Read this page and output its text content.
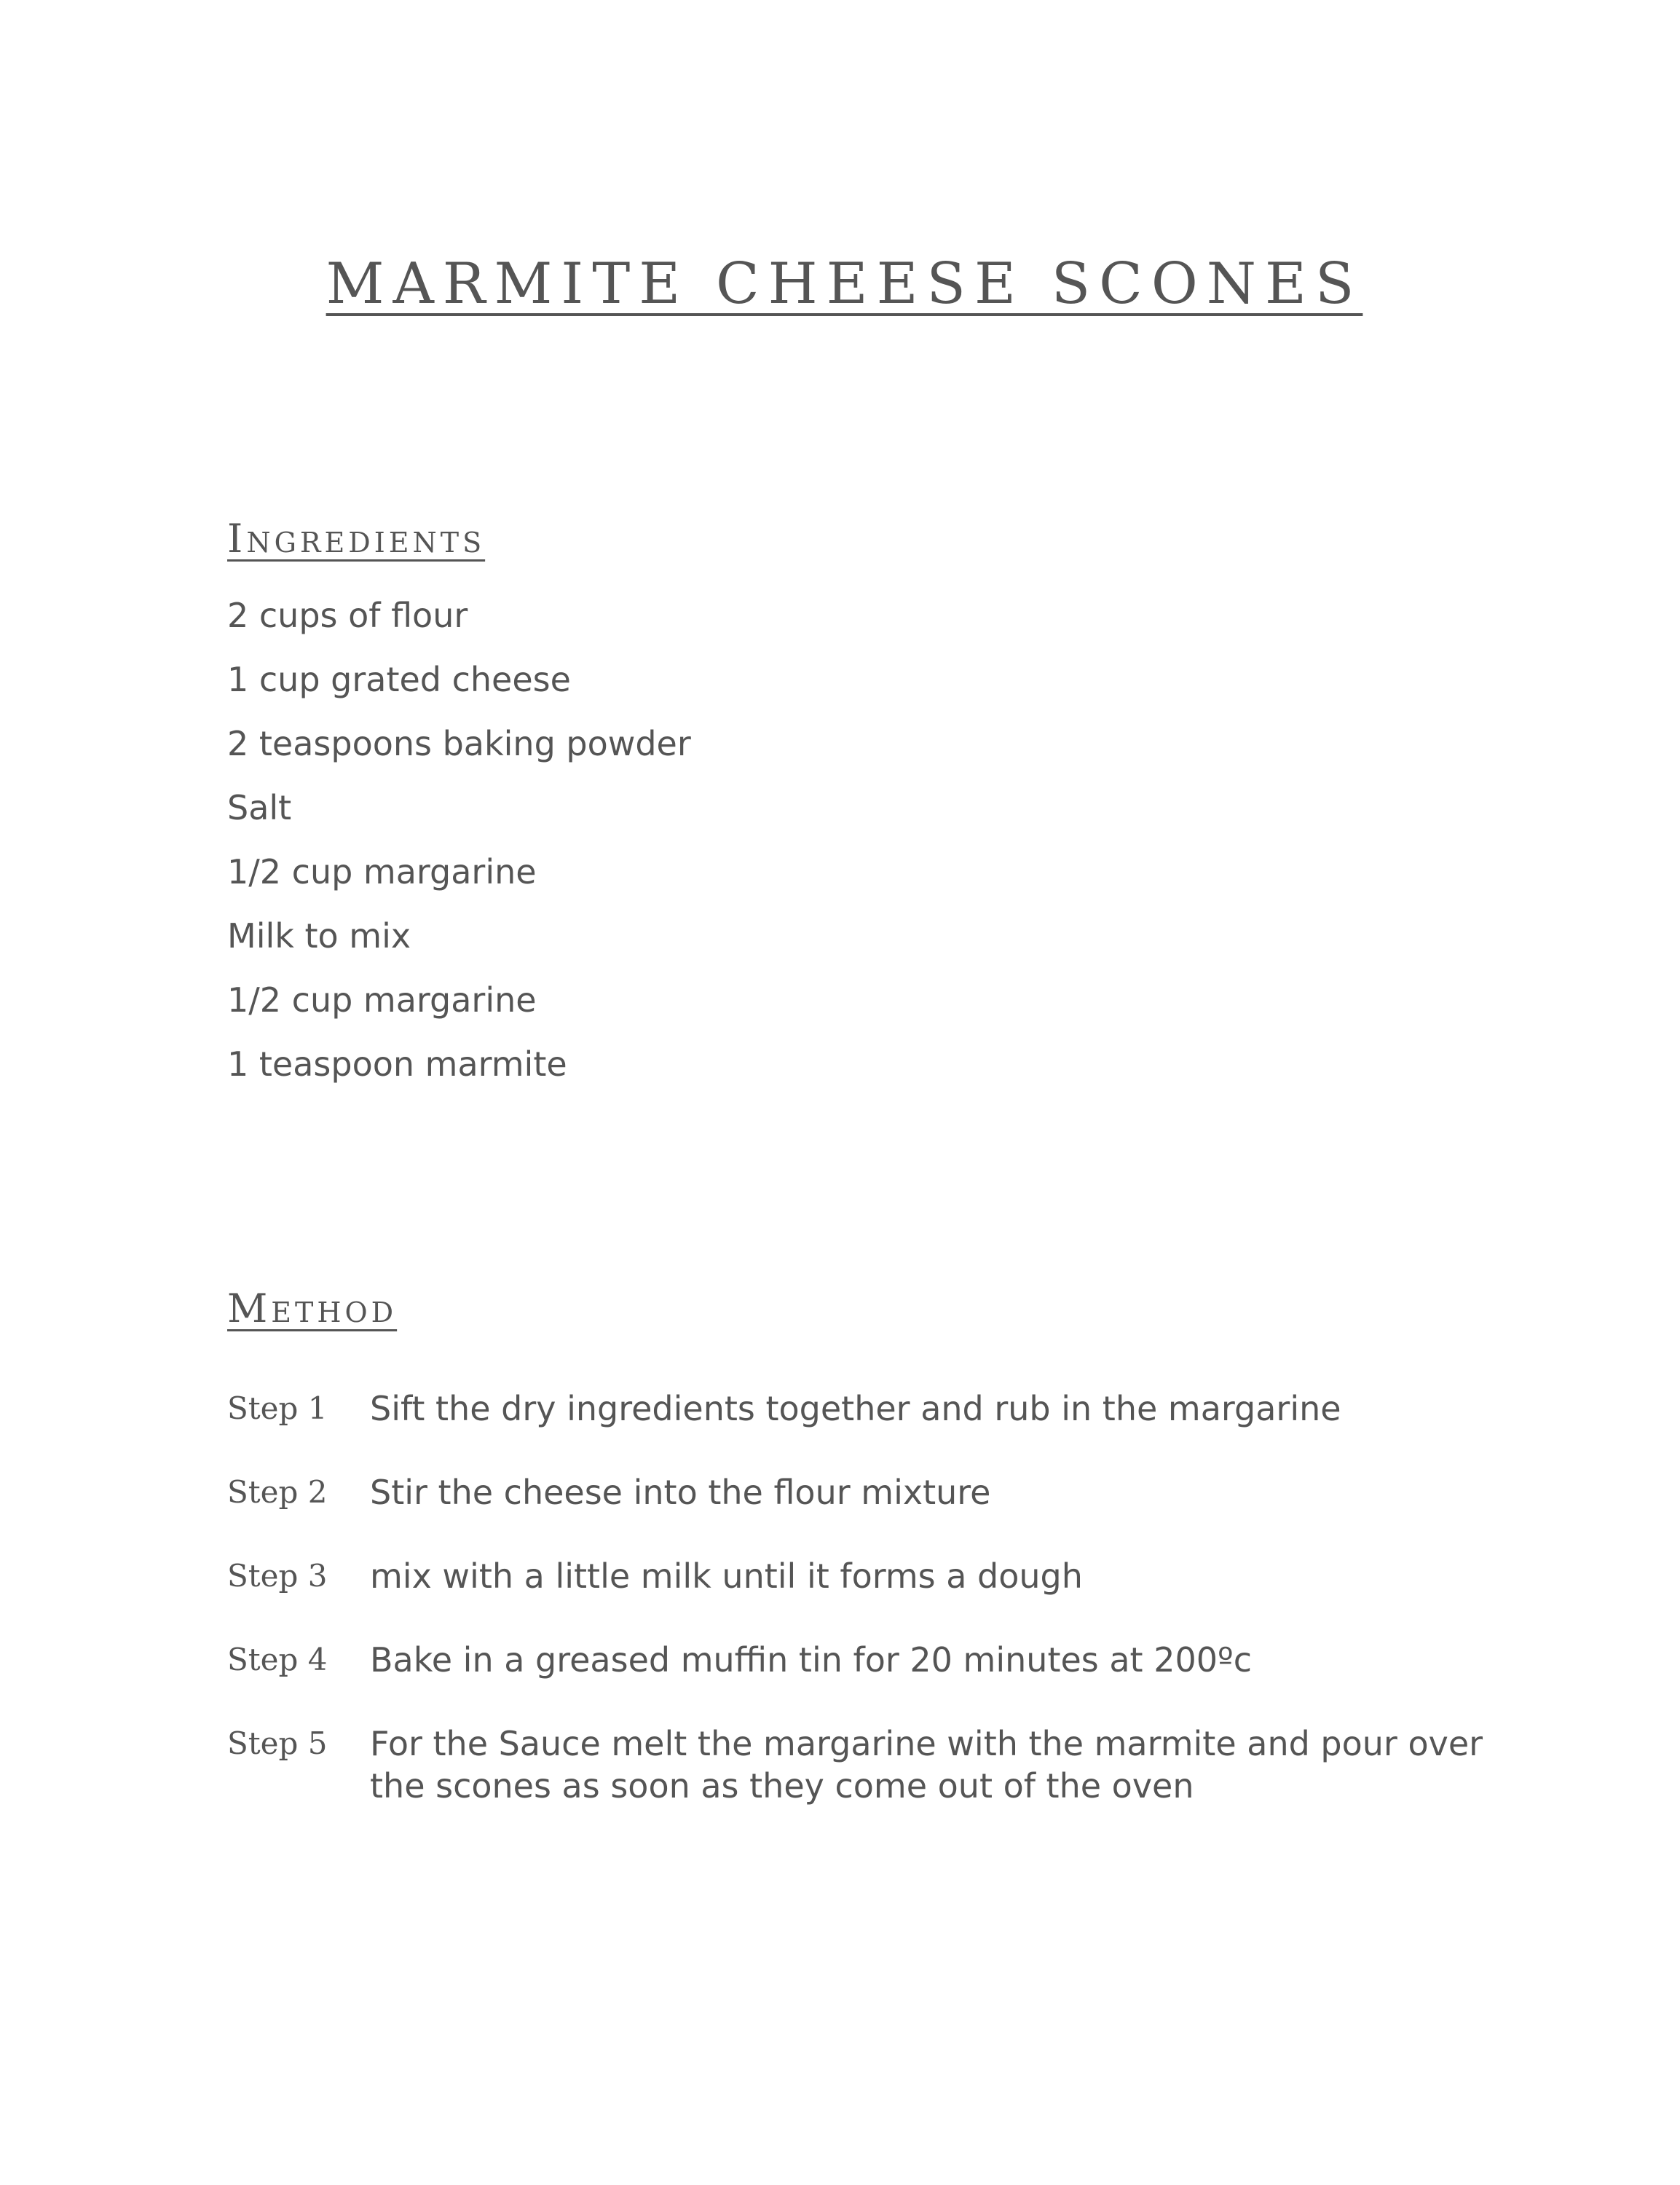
MARMITE CHEESE SCONES
Ingredients
2 cups of flour
1 cup grated cheese
2 teaspoons baking powder
Salt
1/2 cup margarine
Milk to mix
1/2 cup margarine
1 teaspoon marmite
Method
Step 1	Sift the dry ingredients together and rub in the margarine
Step 2	Stir the cheese into the flour mixture
Step 3	mix with a little milk until it forms a dough
Step 4	Bake in a greased muffin tin for 20 minutes at 200ºc
Step 5	For the Sauce melt the margarine with the marmite and pour over the scones as soon as they come out of the oven
